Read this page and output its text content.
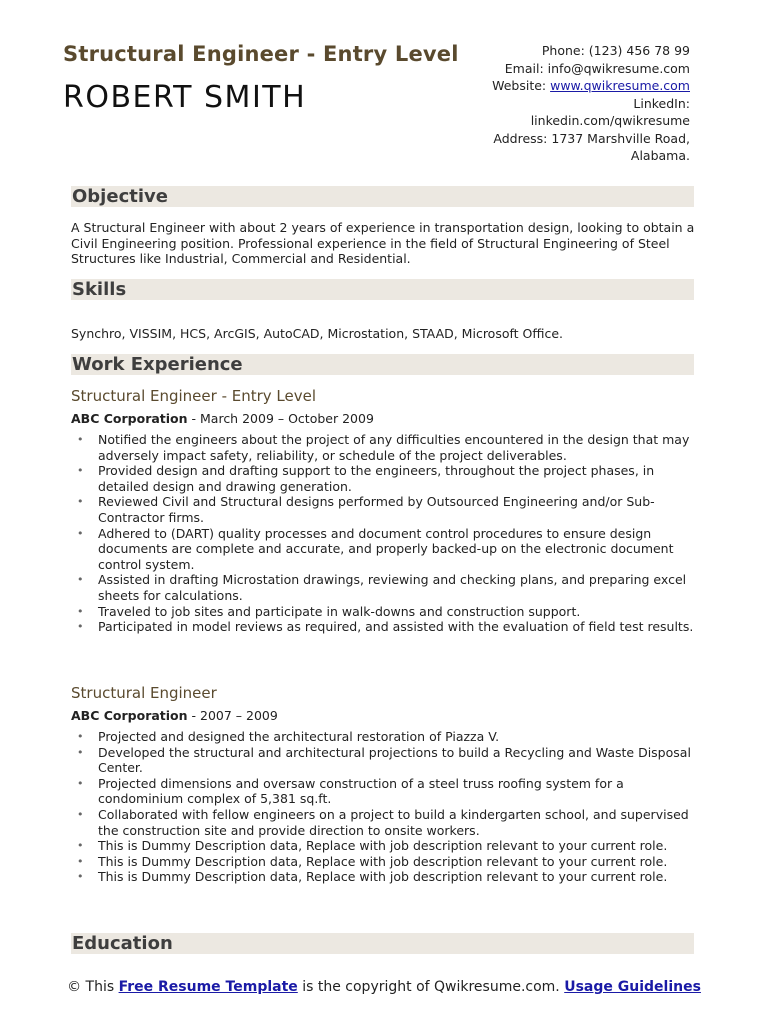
Structural Engineer - Entry Level
ROBERT SMITH
Phone: (123) 456 78 99
Email: info@qwikresume.com
Website: www.qwikresume.com
LinkedIn:
linkedin.com/qwikresume
Address: 1737 Marshville Road,
Alabama.
Objective
A Structural Engineer with about 2 years of experience in transportation design, looking to obtain a Civil Engineering position. Professional experience in the field of Structural Engineering of Steel Structures like Industrial, Commercial and Residential.
Skills
Synchro, VISSIM, HCS, ArcGIS, AutoCAD, Microstation, STAAD, Microsoft Office.
Work Experience
Structural Engineer - Entry Level
ABC Corporation - March 2009 – October 2009
• Notified the engineers about the project of any difficulties encountered in the design that may adversely impact safety, reliability, or schedule of the project deliverables.
• Provided design and drafting support to the engineers, throughout the project phases, in detailed design and drawing generation.
• Reviewed Civil and Structural designs performed by Outsourced Engineering and/or Sub-Contractor firms.
• Adhered to (DART) quality processes and document control procedures to ensure design documents are complete and accurate, and properly backed-up on the electronic document control system.
• Assisted in drafting Microstation drawings, reviewing and checking plans, and preparing excel sheets for calculations.
• Traveled to job sites and participate in walk-downs and construction support.
• Participated in model reviews as required, and assisted with the evaluation of field test results.
Structural Engineer
ABC Corporation - 2007 – 2009
• Projected and designed the architectural restoration of Piazza V.
• Developed the structural and architectural projections to build a Recycling and Waste Disposal Center.
• Projected dimensions and oversaw construction of a steel truss roofing system for a condominium complex of 5,381 sq.ft.
• Collaborated with fellow engineers on a project to build a kindergarten school, and supervised the construction site and provide direction to onsite workers.
• This is Dummy Description data, Replace with job description relevant to your current role.
• This is Dummy Description data, Replace with job description relevant to your current role.
• This is Dummy Description data, Replace with job description relevant to your current role.
Education
© This Free Resume Template is the copyright of Qwikresume.com. Usage Guidelines
